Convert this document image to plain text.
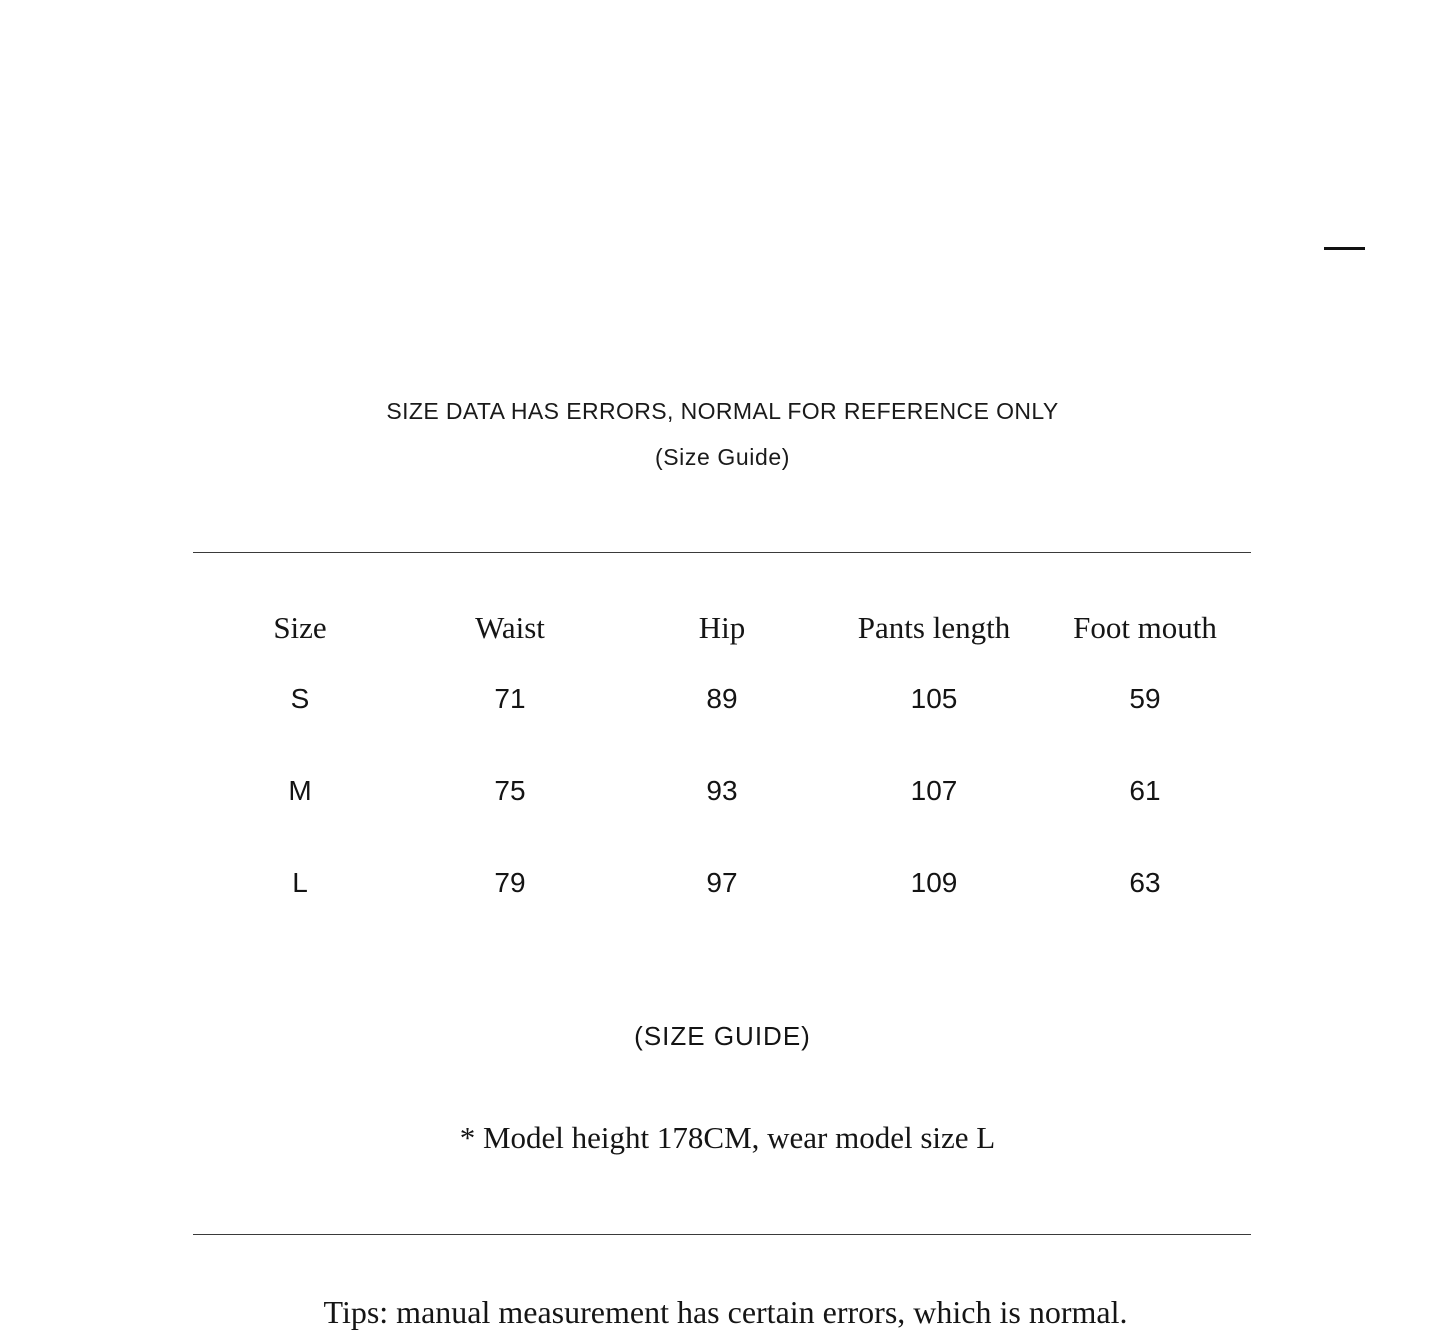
SIZE DATA HAS ERRORS, NORMAL FOR REFERENCE ONLY
(Size Guide)
Size	Waist	Hip	Pants length	Foot mouth
S	71	89	105	59
M	75	93	107	61
L	79	97	109	63
(SIZE GUIDE)
* Model height 178CM, wear model size L
Tips: manual measurement has certain errors, which is normal.
